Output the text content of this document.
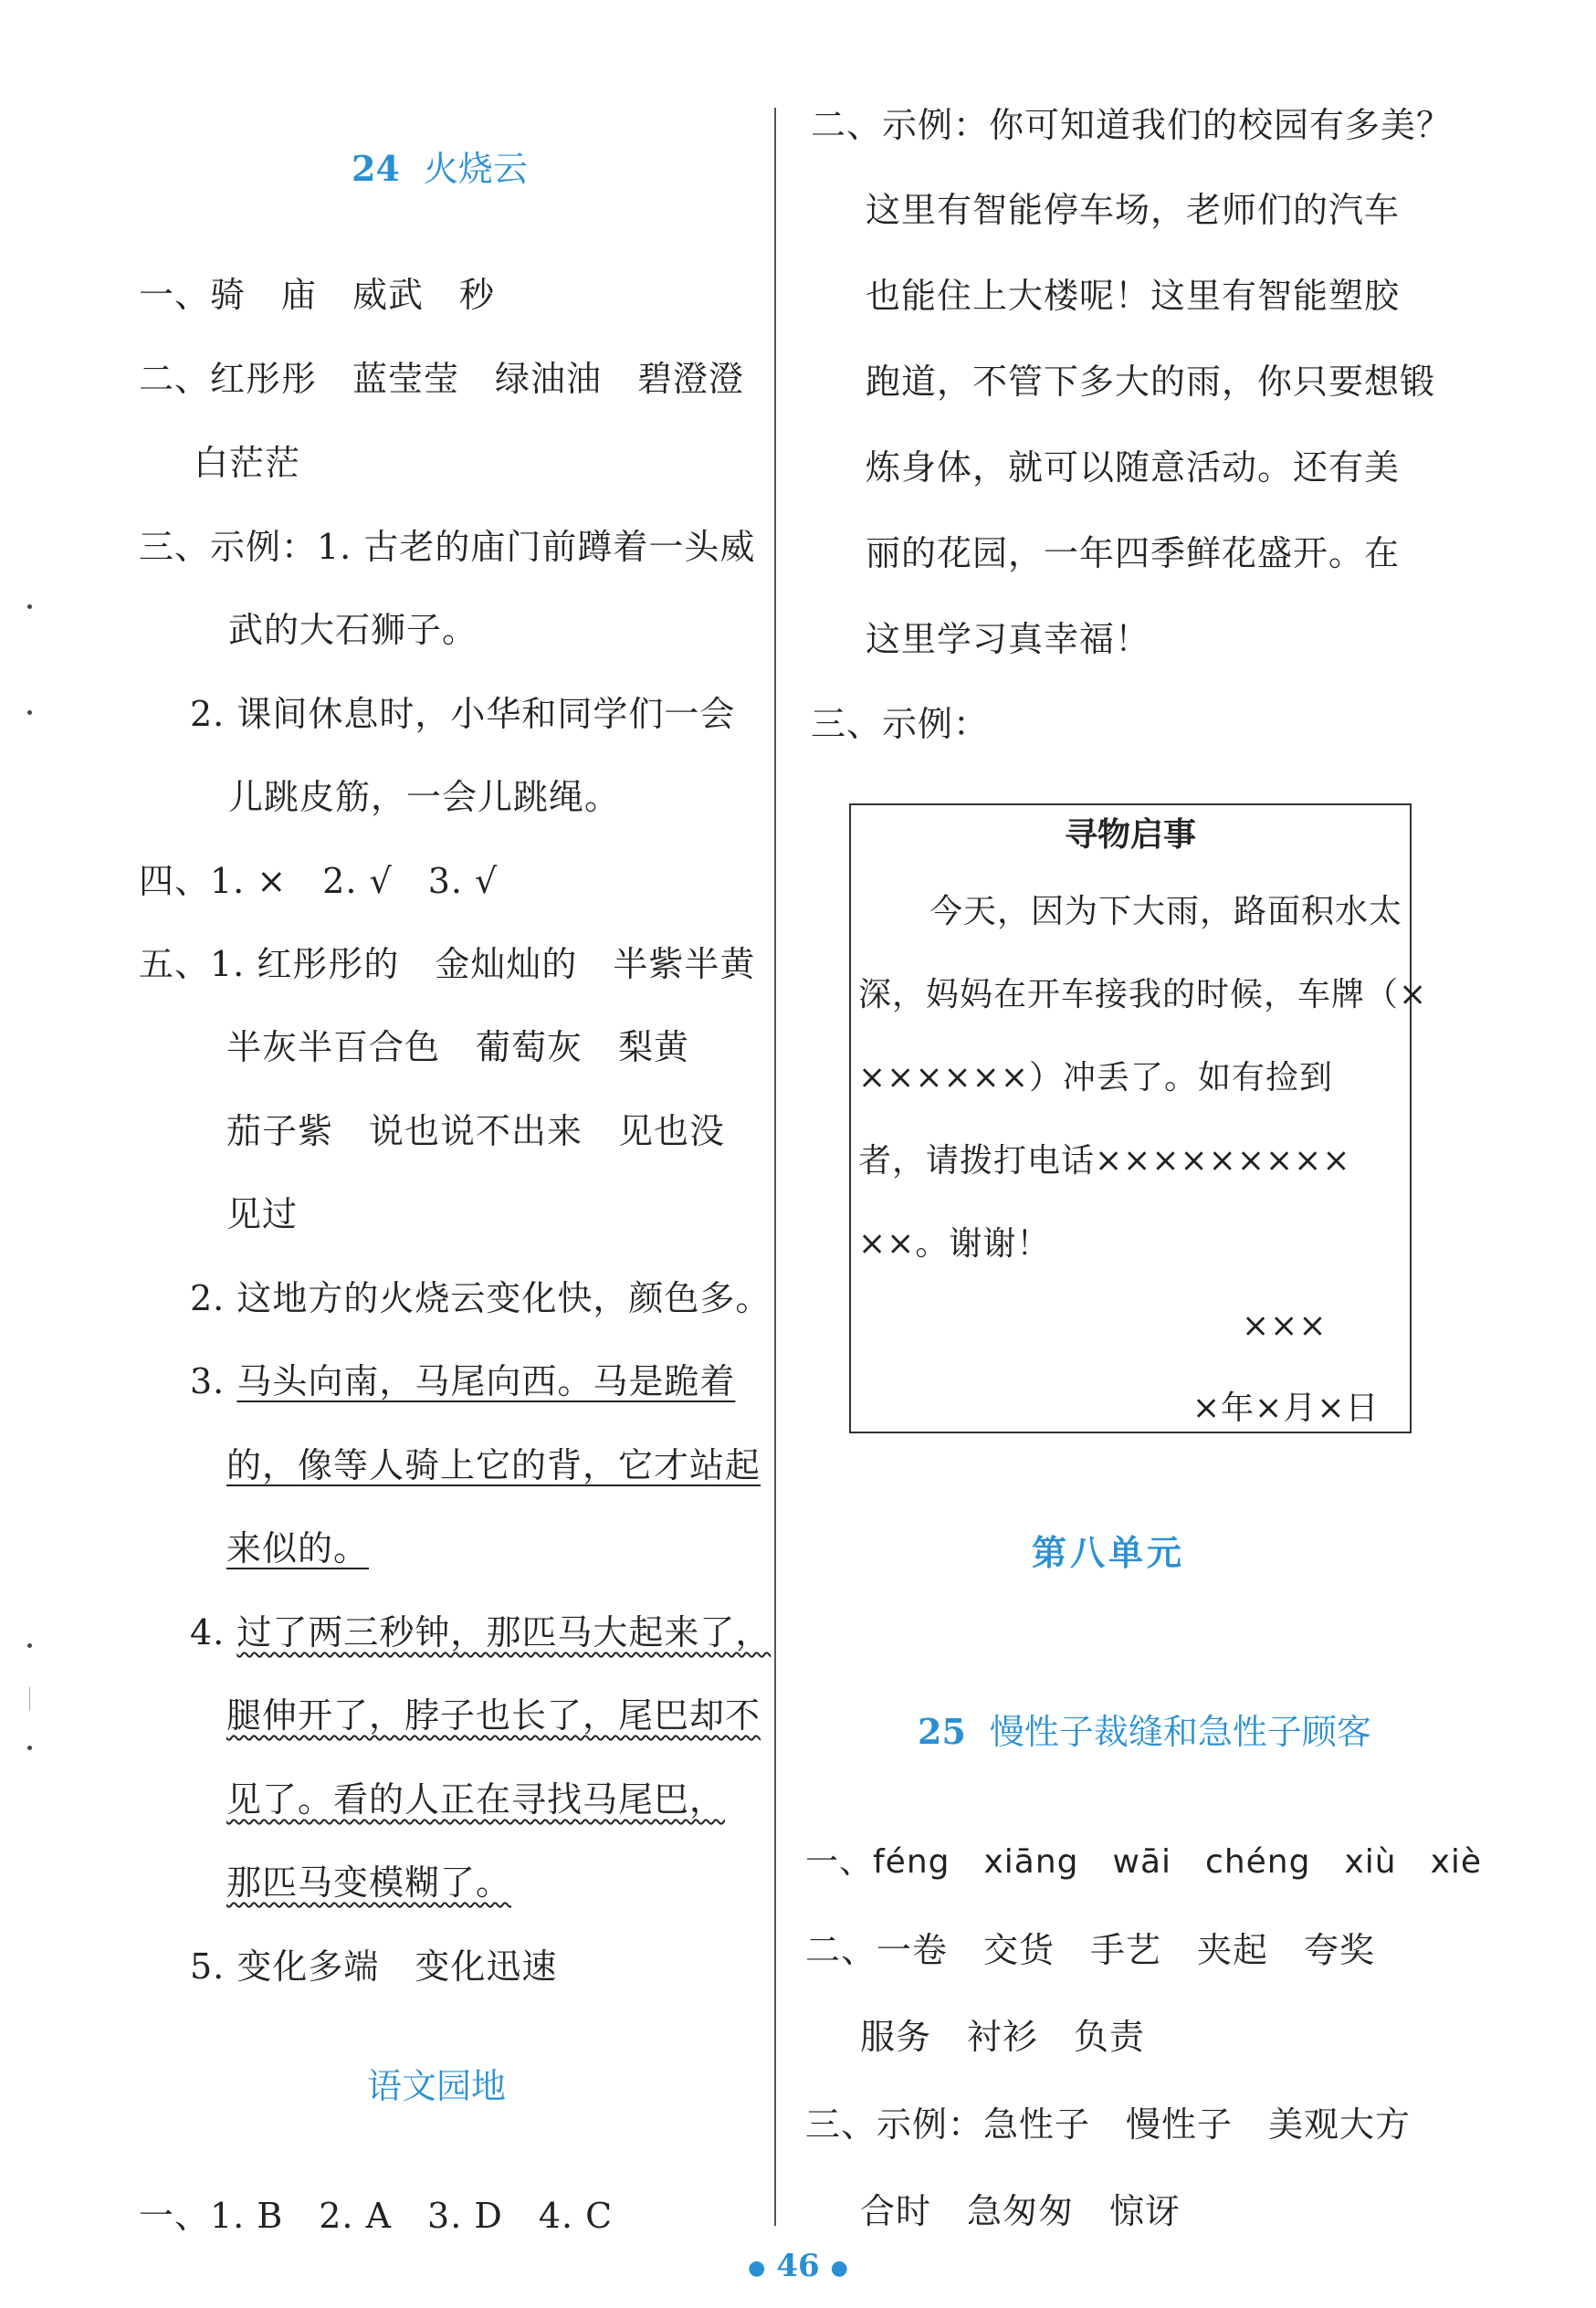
24 火烧云
一、骑　庙　威武　秒
二、红彤彤　蓝莹莹　绿油油　碧澄澄
白茫茫
三、示例：1. 古老的庙门前蹲着一头威
武的大石狮子。
2. 课间休息时，小华和同学们一会
儿跳皮筋，一会儿跳绳。
四、1. ×　2. √　3. √
五、1. 红彤彤的　金灿灿的　半紫半黄
半灰半百合色　葡萄灰　梨黄
茄子紫　说也说不出来　见也没
见过
2. 这地方的火烧云变化快，颜色多。
3. 马头向南，马尾向西。马是跪着
的，像等人骑上它的背，它才站起
来似的。
4. 过了两三秒钟，那匹马大起来了，
腿伸开了，脖子也长了，尾巴却不
见了。看的人正在寻找马尾巴，
那匹马变模糊了。
5. 变化多端　变化迅速
语文园地
一、1. B　2. A　3. D　4. C
二、示例：你可知道我们的校园有多美？
这里有智能停车场，老师们的汽车
也能住上大楼呢！这里有智能塑胶
跑道，不管下多大的雨，你只要想锻
炼身体，就可以随意活动。还有美
丽的花园，一年四季鲜花盛开。在
这里学习真幸福！
三、示例：
第八单元
25 慢性子裁缝和急性子顾客
一、féng　xiāng　wāi　chéng　xiù　xiè
二、一卷　交货　手艺　夹起　夸奖
服务　衬衫　负责
三、示例：急性子　慢性子　美观大方
合时　急匆匆　惊讶
寻物启事
今天，因为下大雨，路面积水太
深，妈妈在开车接我的时候，车牌（×
××××××）冲丢了。如有捡到
者，请拨打电话×××××××××
××。谢谢！
×××
×年×月×日
● 46 ●
